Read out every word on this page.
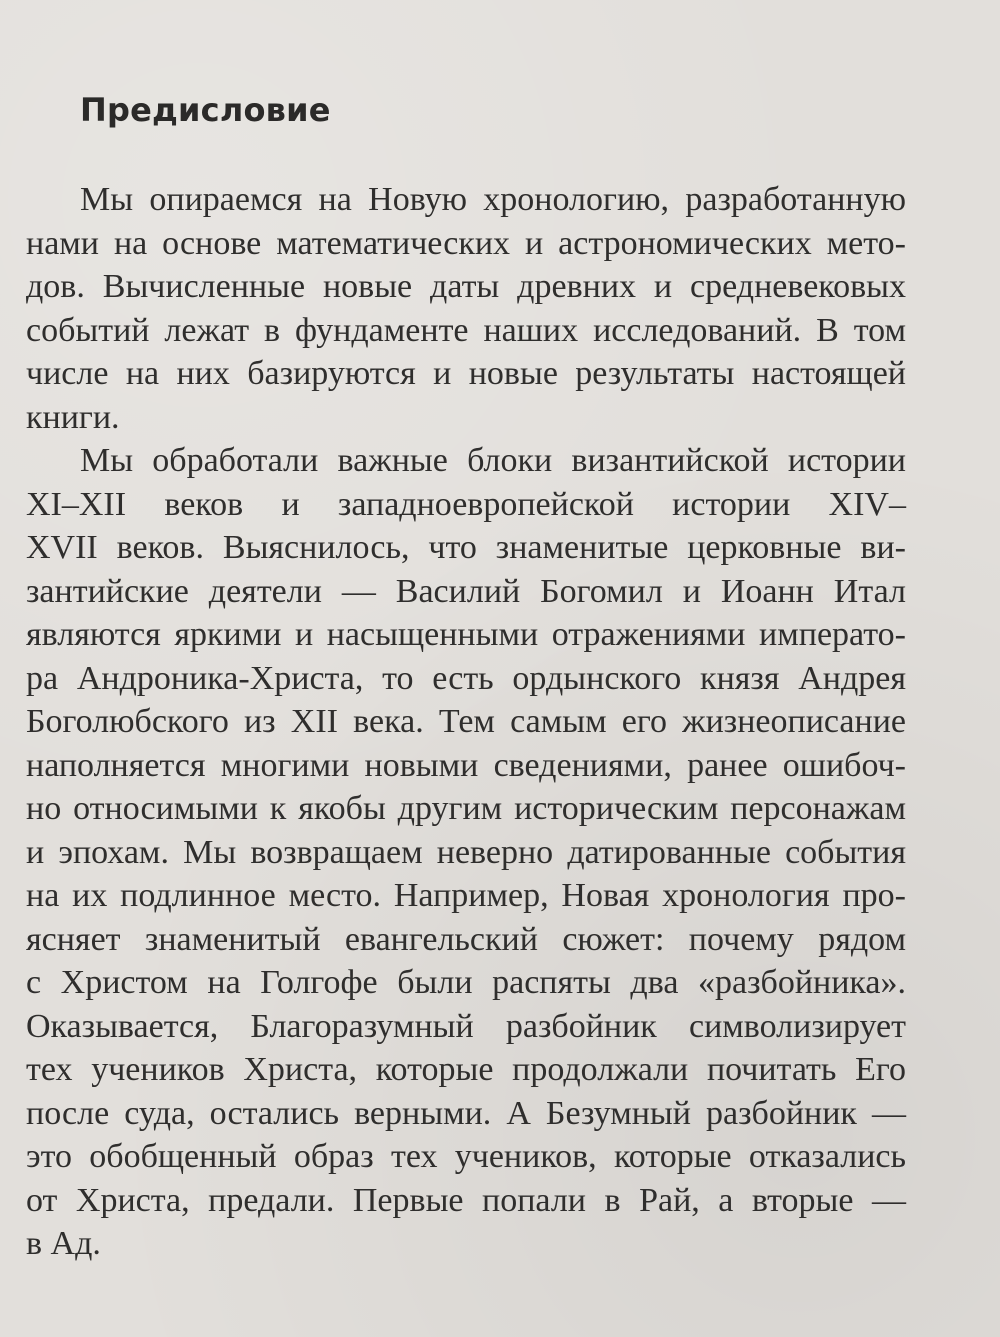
Предисловие
Мы опираемся на Новую хронологию, разработанную
нами на основе математических и астрономических мето-
дов. Вычисленные новые даты древних и средневековых
событий лежат в фундаменте наших исследований. В том
числе на них базируются и новые результаты настоящей
книги.
Мы обработали важные блоки византийской истории
XI–XII веков и западноевропейской истории XIV–
XVII веков. Выяснилось, что знаменитые церковные ви-
зантийские деятели — Василий Богомил и Иоанн Итал
являются яркими и насыщенными отражениями императо-
ра Андроника-Христа, то есть ордынского князя Андрея
Боголюбского из XII века. Тем самым его жизнеописание
наполняется многими новыми сведениями, ранее ошибоч-
но относимыми к якобы другим историческим персонажам
и эпохам. Мы возвращаем неверно датированные события
на их подлинное место. Например, Новая хронология про-
ясняет знаменитый евангельский сюжет: почему рядом
с Христом на Голгофе были распяты два «разбойника».
Оказывается, Благоразумный разбойник символизирует
тех учеников Христа, которые продолжали почитать Его
после суда, остались верными. А Безумный разбойник —
это обобщенный образ тех учеников, которые отказались
от Христа, предали. Первые попали в Рай, а вторые —
в Ад.
